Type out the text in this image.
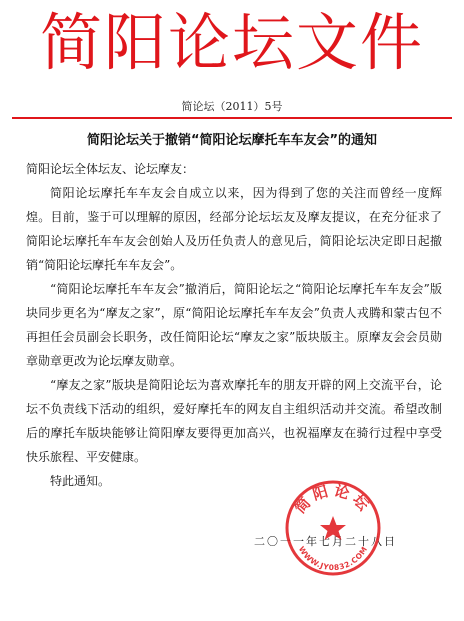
简阳论坛文件
简论坛（2011）5号
简阳论坛关于撤销“简阳论坛摩托车车友会”的通知

简阳论坛全体坛友、论坛摩友：

简阳论坛摩托车车友会自成立以来，因为得到了您的关注而曾经一度辉煌。目前，鉴于可以理解的原因，经部分论坛坛友及摩友提议，在充分征求了简阳论坛摩托车车友会创始人及历任负责人的意见后，简阳论坛决定即日起撤销“简阳论坛摩托车车友会”。

“简阳论坛摩托车车友会”撤消后，简阳论坛之“简阳论坛摩托车车友会”版块同步更名为“摩友之家”，原“简阳论坛摩托车车友会”负责人戎腾和蒙古包不再担任会员副会长职务，改任简阳论坛“摩友之家”版块版主。原摩友会会员勋章勋章更改为论坛摩友勋章。

“摩友之家”版块是简阳论坛为喜欢摩托车的朋友开辟的网上交流平台，论坛不负责线下活动的组织，爱好摩托车的网友自主组织活动并交流。希望改制后的摩托车版块能够让简阳摩友要得更加高兴，也祝福摩友在骑行过程中享受快乐旅程、平安健康。

特此通知。

二〇一一年七月二十八日
简阳论坛
WWW.JY0832.COM
